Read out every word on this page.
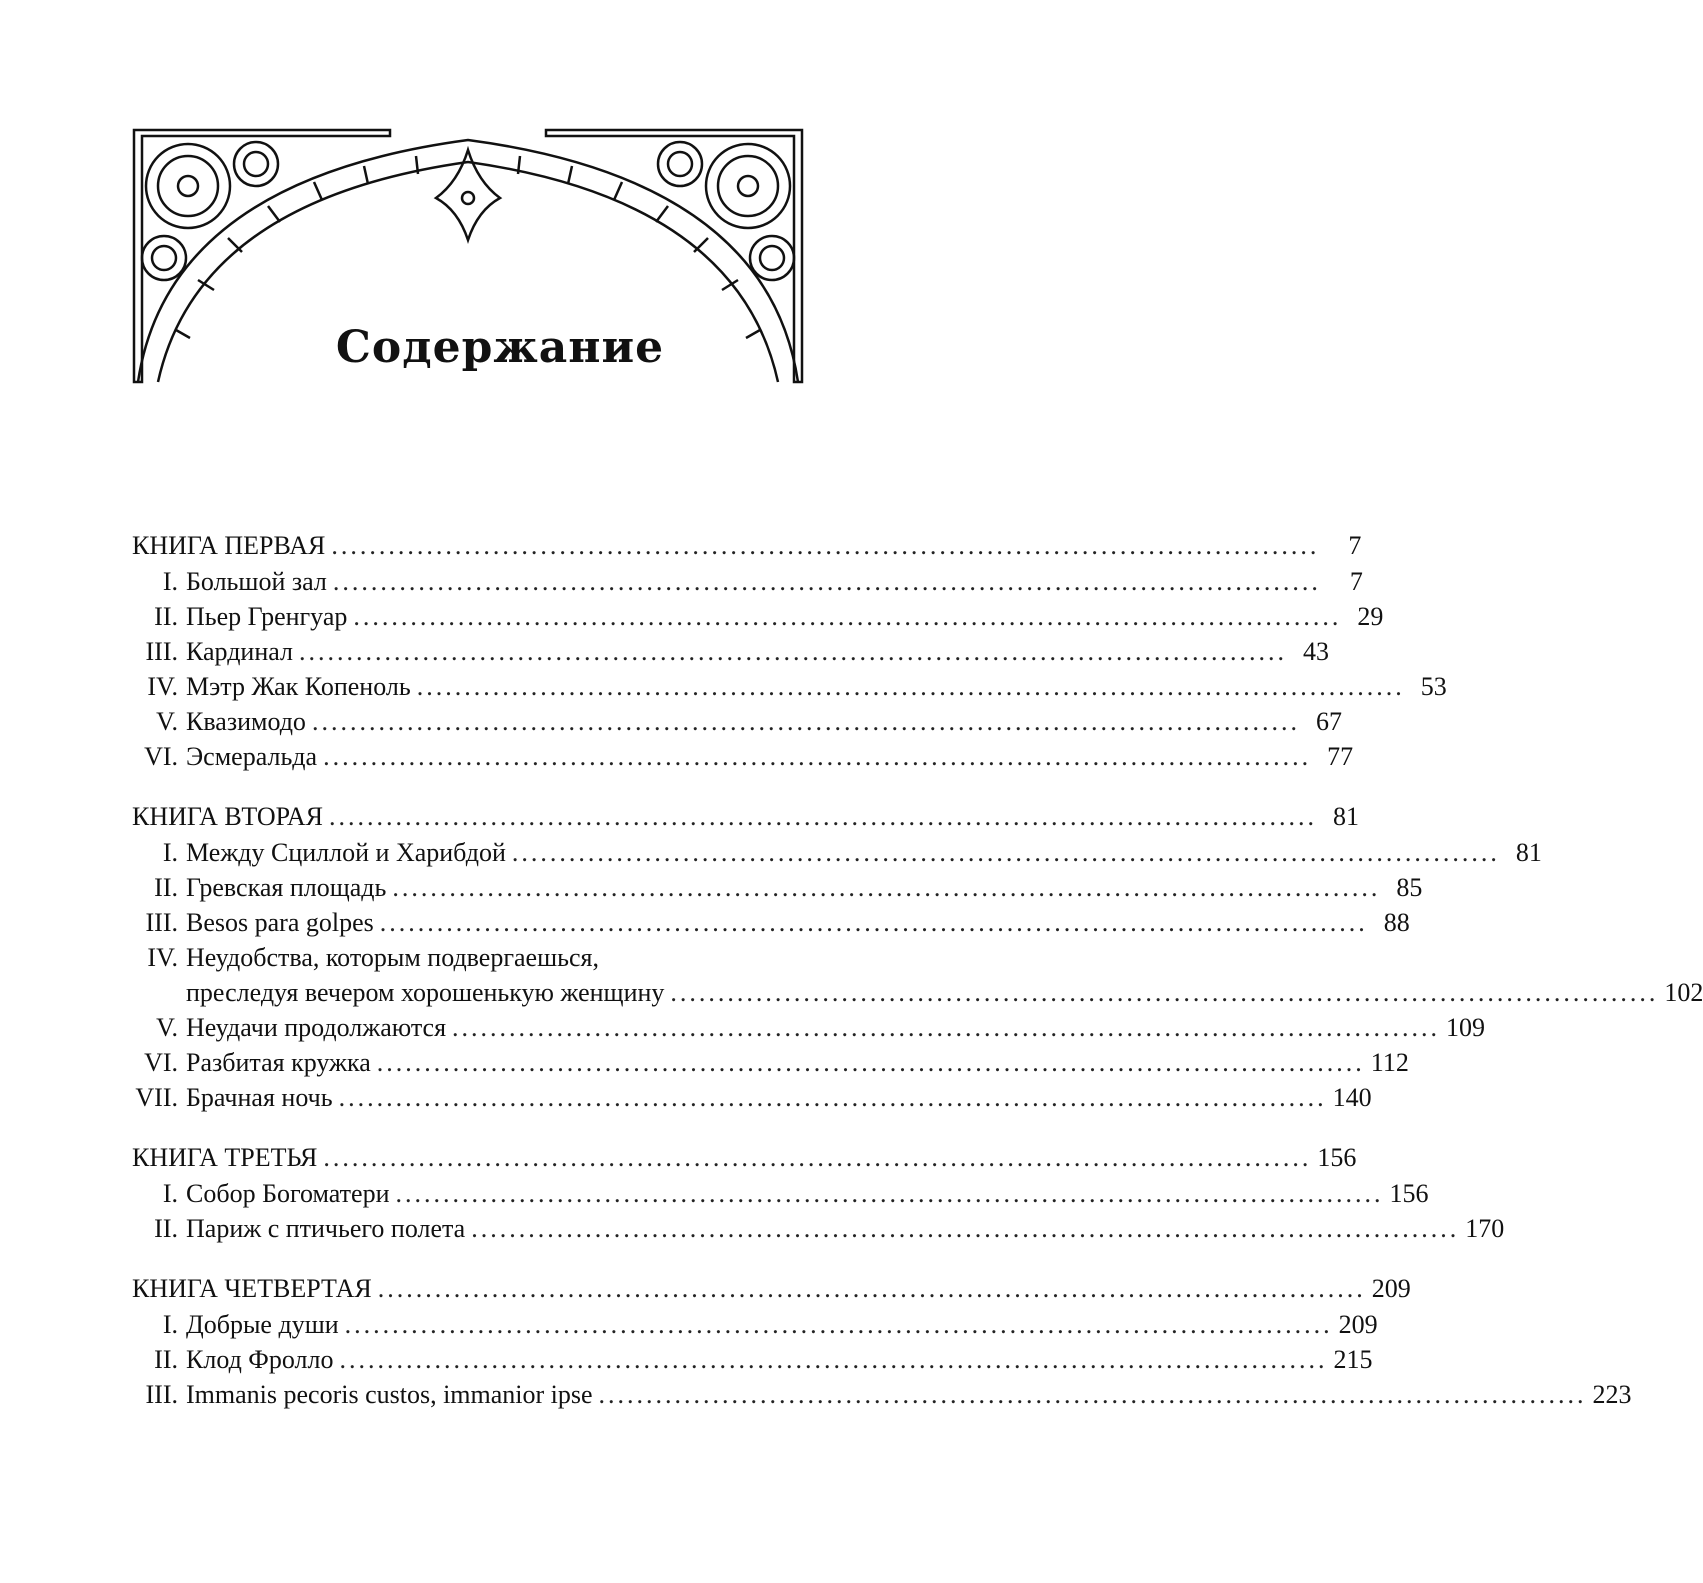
Содержание
КНИГА ПЕРВАЯ ........................................................................................................	7
I. Большой зал ........................................................................................................	7
II. Пьер Гренгуар ........................................................................................................ 29
III. Кардинал ........................................................................................................ 43
IV. Мэтр Жак Копеноль ........................................................................................................ 53
V. Квазимодо ........................................................................................................ 67
VI. Эсмеральда ........................................................................................................ 77
КНИГА ВТОРАЯ ........................................................................................................ 81
I. Между Сциллой и Харибдой ........................................................................................................ 81
II. Гревская площадь ........................................................................................................ 85
III. Besos para golpes ........................................................................................................ 88
IV. Неудобства, которым подвергаешься,
преследуя вечером хорошенькую женщину ........................................................................................................ 102
V. Неудачи продолжаются ........................................................................................................ 109
VI. Разбитая кружка ........................................................................................................ 112
VII. Брачная ночь ........................................................................................................ 140
КНИГА ТРЕТЬЯ ........................................................................................................ 156
I. Собор Богоматери ........................................................................................................ 156
II. Париж с птичьего полета ........................................................................................................ 170
КНИГА ЧЕТВЕРТАЯ ........................................................................................................ 209
I. Добрые души ........................................................................................................ 209
II. Клод Фролло ........................................................................................................ 215
III. Immanis pecoris custos, immanior ipse ........................................................................................................ 223
